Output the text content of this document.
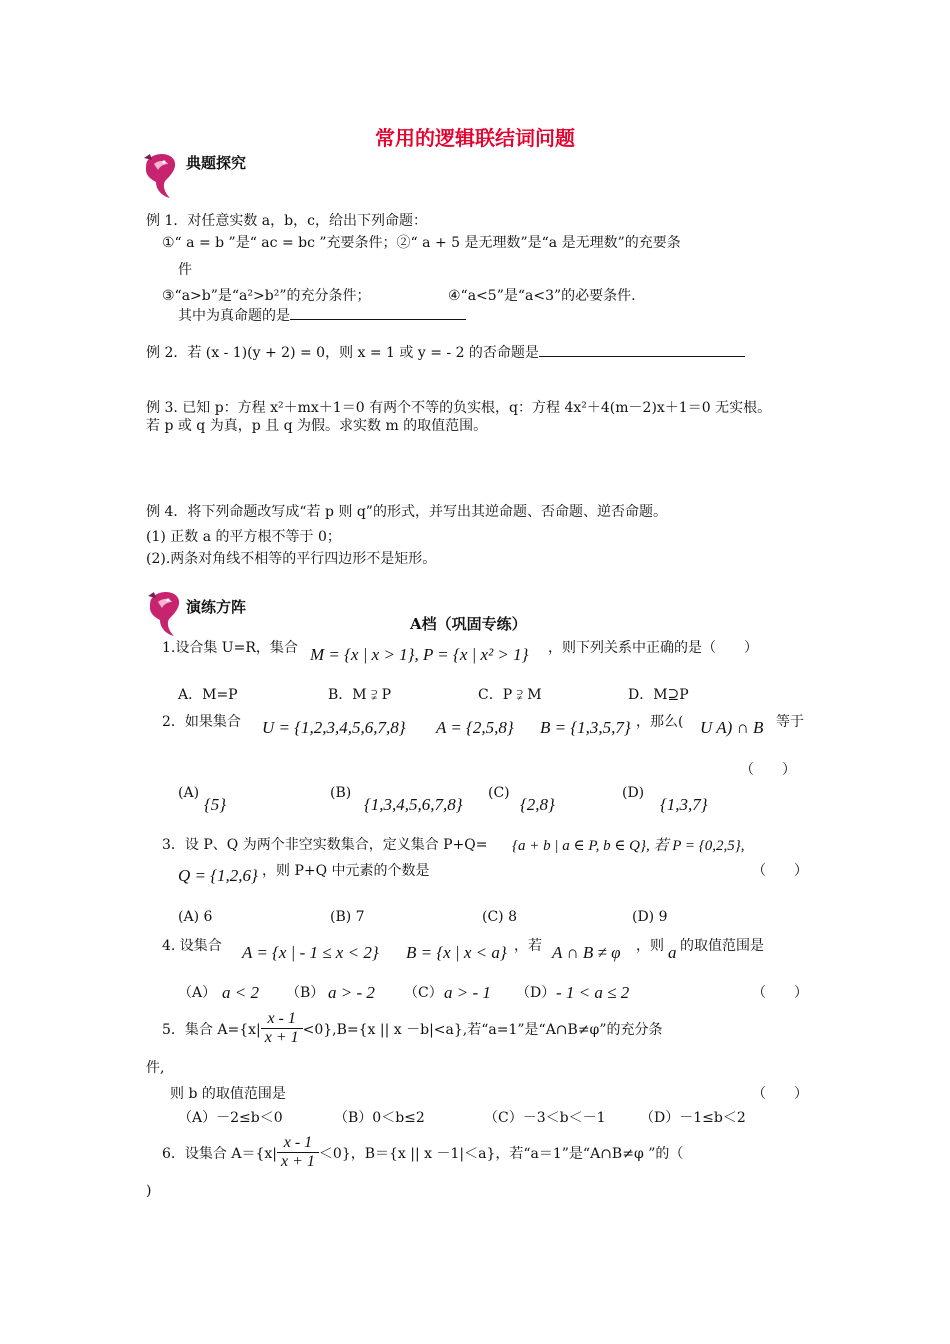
常用的逻辑联结词问题
典题探究
例 1．对任意实数 a，b，c，给出下列命题：
①“ a = b ”是“ ac = bc ”充要条件；②“ a + 5 是无理数”是“a 是无理数”的充要条
件
③“a>b”是“a²>b²”的充分条件；	④“a<5”是“a<3”的必要条件.
其中为真命题的是
例 2．若 (x - 1)(y + 2) = 0，则 x = 1 或 y = - 2 的否命题是
例 3. 已知 p：方程 x²＋mx＋1＝0 有两个不等的负实根，q：方程 4x²＋4(m－2)x＋1＝0 无实根。
若 p 或 q 为真，p 且 q 为假。求实数 m 的取值范围。
例 4．将下列命题改写成“若 p 则 q”的形式，并写出其逆命题、否命题、逆否命题。
(1) 正数 a 的平方根不等于 0；
(2).两条对角线不相等的平行四边形不是矩形。
演练方阵
A档（巩固专练）
1.设合集 U=R，集合 M = {x | x > 1}, P = {x | x² > 1} ，则下列关系中正确的是（　　）
A．M=P	B．M ⫌ P	C．P ⫌ M	D．M⊇P
2．如果集合 U = {1,2,3,4,5,6,7,8} A = {2,5,8} B = {1,3,5,7} ，那么( U A) ∩ B 等于
（　　）
(A)
{5}
(B)
{1,3,4,5,6,7,8}
(C)
{2,8}
(D)
{1,3,7}
3．设 P、Q 为两个非空实数集合，定义集合 P+Q= {a + b | a ∈ P, b ∈ Q}, 若 P = {0,2,5},
Q = {1,2,6} ，则 P+Q 中元素的个数是	（　　）
(A) 6	(B) 7	(C) 8	(D) 9
4. 设集合 A = {x | - 1 ≤ x < 2} B = {x | x < a} ，若 A ∩ B ≠ φ ，则 a 的取值范围是
（A） a < 2 （B） a > - 2 （C） a > - 1 （D） - 1 < a ≤ 2	（　　）
5．集合 $A=\{x| \frac{x - 1}{x + 1} <0\},B=\{x$ || x －b|<a},若“a=1”是“A∩B≠φ”的充分条
件,
则 b 的取值范围是	（　　）
（A）－2≤b＜0	（B）0＜b≤2	（C）－3＜b＜－1 （D）－1≤b＜2
6．设集合 $A=\{x| \frac{x - 1}{x + 1} <0\}$，B＝{x || x －1|＜a}，若“a＝1”是“A∩B≠φ ”的（
)
